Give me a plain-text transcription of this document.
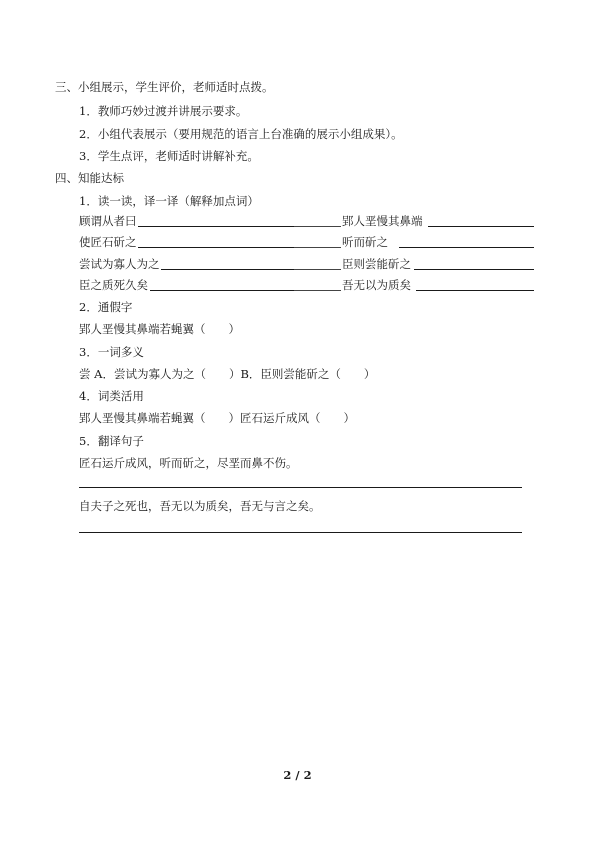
三、小组展示，学生评价，老师适时点拨。
1．教师巧妙过渡并讲展示要求。
2．小组代表展示（要用规范的语言上台准确的展示小组成果）。
3．学生点评，老师适时讲解补充。
四、知能达标
1．读一读，译一译（解释加点词）
顾谓从者曰	郢人垩慢其鼻端
使匠石斫之	听而斫之
尝试为寡人为之	臣则尝能斫之
臣之质死久矣	吾无以为质矣
2．通假字
郢人垩慢其鼻端若蝇翼（　　）
3．一词多义
尝 A．尝试为寡人为之（　　）B．臣则尝能斫之（　　）
4．词类活用
郢人垩慢其鼻端若蝇翼（　　）匠石运斤成风（　　）
5．翻译句子
匠石运斤成风，听而斫之，尽垩而鼻不伤。
自夫子之死也，吾无以为质矣，吾无与言之矣。
2 / 2
